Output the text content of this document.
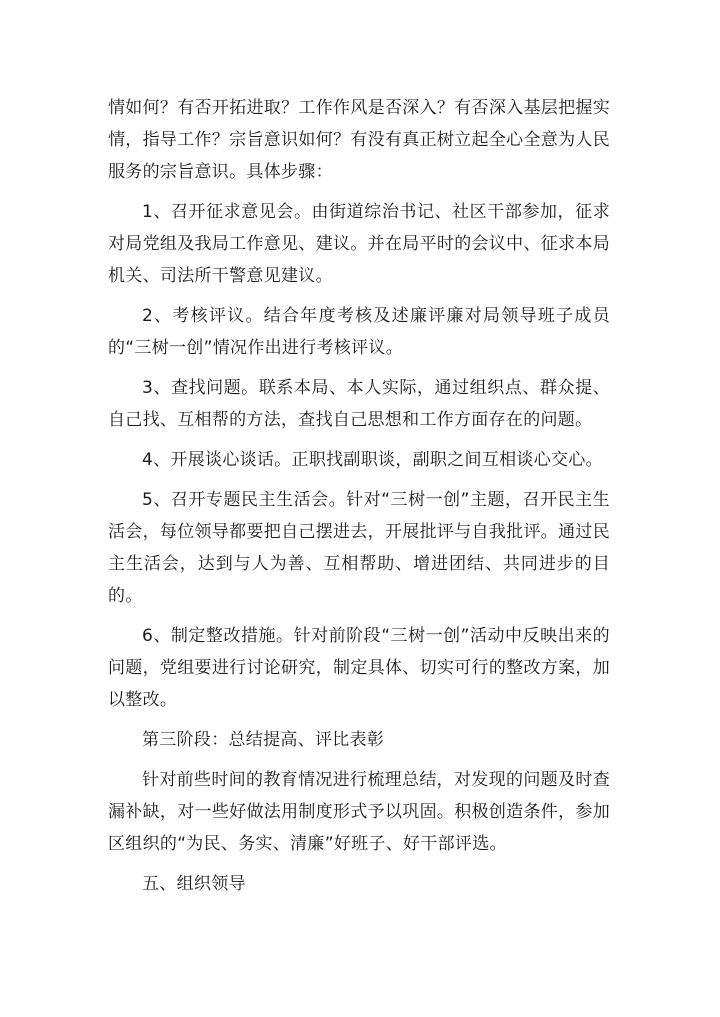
情如何？有否开拓进取？工作作风是否深入？有否深入基层把握实情，指导工作？宗旨意识如何？有没有真正树立起全心全意为人民服务的宗旨意识。具体步骤：

1、召开征求意见会。由街道综治书记、社区干部参加，征求对局党组及我局工作意见、建议。并在局平时的会议中、征求本局机关、司法所干警意见建议。

2、考核评议。结合年度考核及述廉评廉对局领导班子成员的“三树一创”情况作出进行考核评议。

3、查找问题。联系本局、本人实际，通过组织点、群众提、自己找、互相帮的方法，查找自己思想和工作方面存在的问题。

4、开展谈心谈话。正职找副职谈，副职之间互相谈心交心。

5、召开专题民主生活会。针对“三树一创”主题，召开民主生活会，每位领导都要把自己摆进去，开展批评与自我批评。通过民主生活会，达到与人为善、互相帮助、增进团结、共同进步的目的。

6、制定整改措施。针对前阶段“三树一创”活动中反映出来的问题，党组要进行讨论研究，制定具体、切实可行的整改方案，加以整改。

第三阶段：总结提高、评比表彰

针对前些时间的教育情况进行梳理总结，对发现的问题及时查漏补缺，对一些好做法用制度形式予以巩固。积极创造条件，参加区组织的“为民、务实、清廉”好班子、好干部评选。

五、组织领导
